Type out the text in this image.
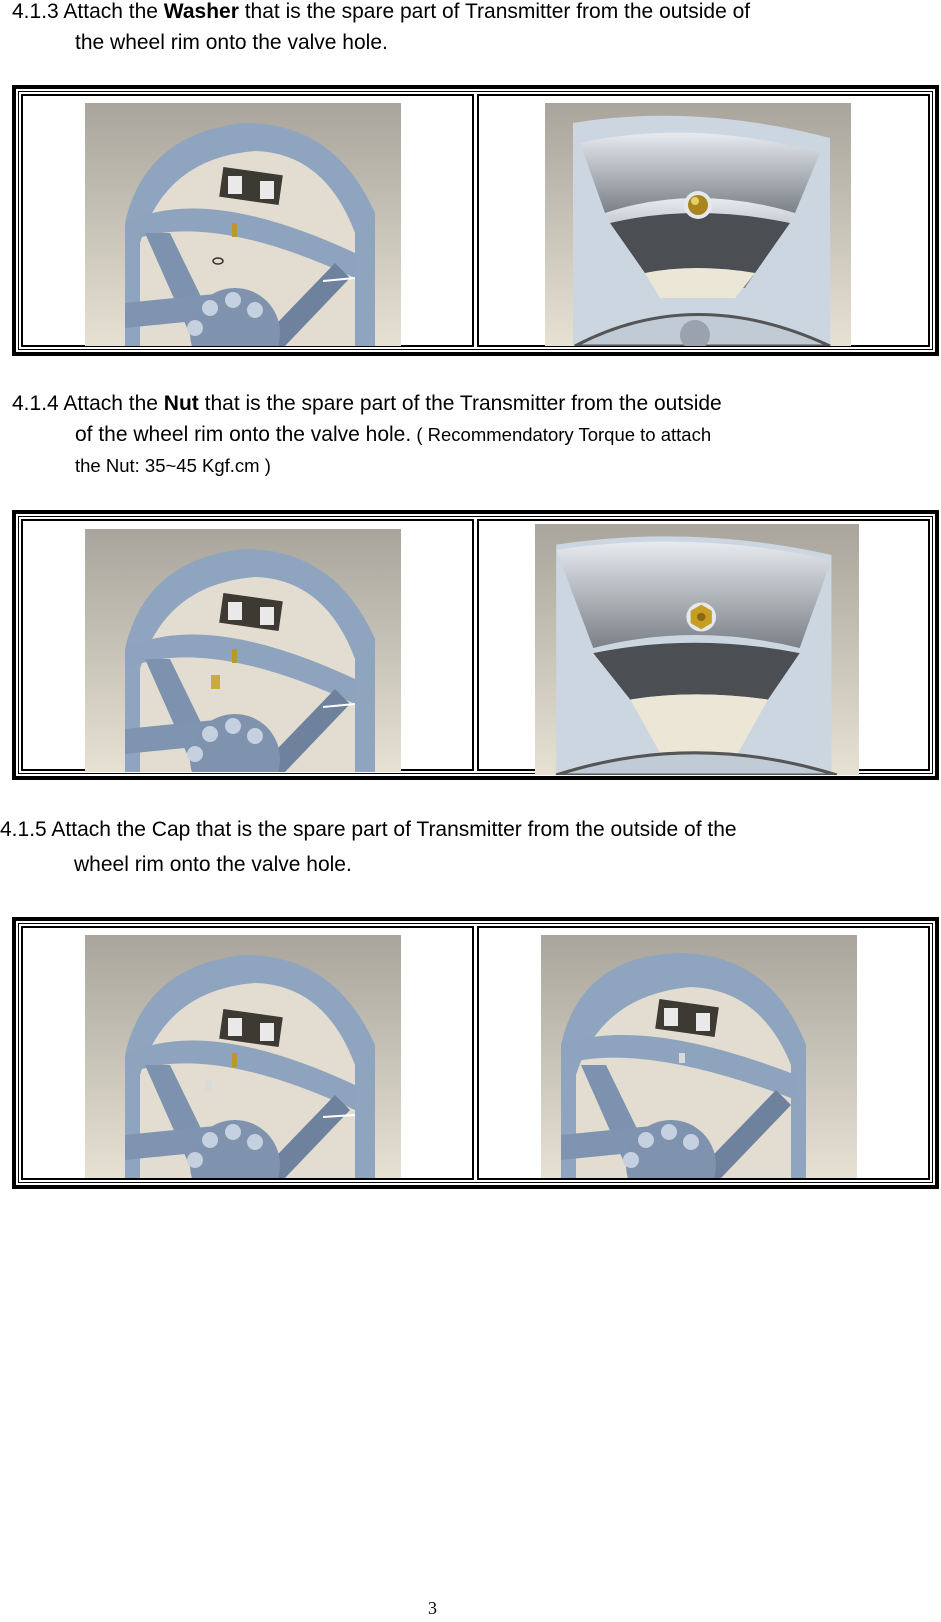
4.1.3 Attach the Washer that is the spare part of Transmitter from the outside of
the wheel rim onto the valve hole.

4.1.4 Attach the Nut that is the spare part of the Transmitter from the outside
of the wheel rim onto the valve hole. ( Recommendatory Torque to attach
the Nut: 35~45 Kgf.cm )

4.1.5 Attach the Cap that is the spare part of Transmitter from the outside of the
wheel rim onto the valve hole.

3
